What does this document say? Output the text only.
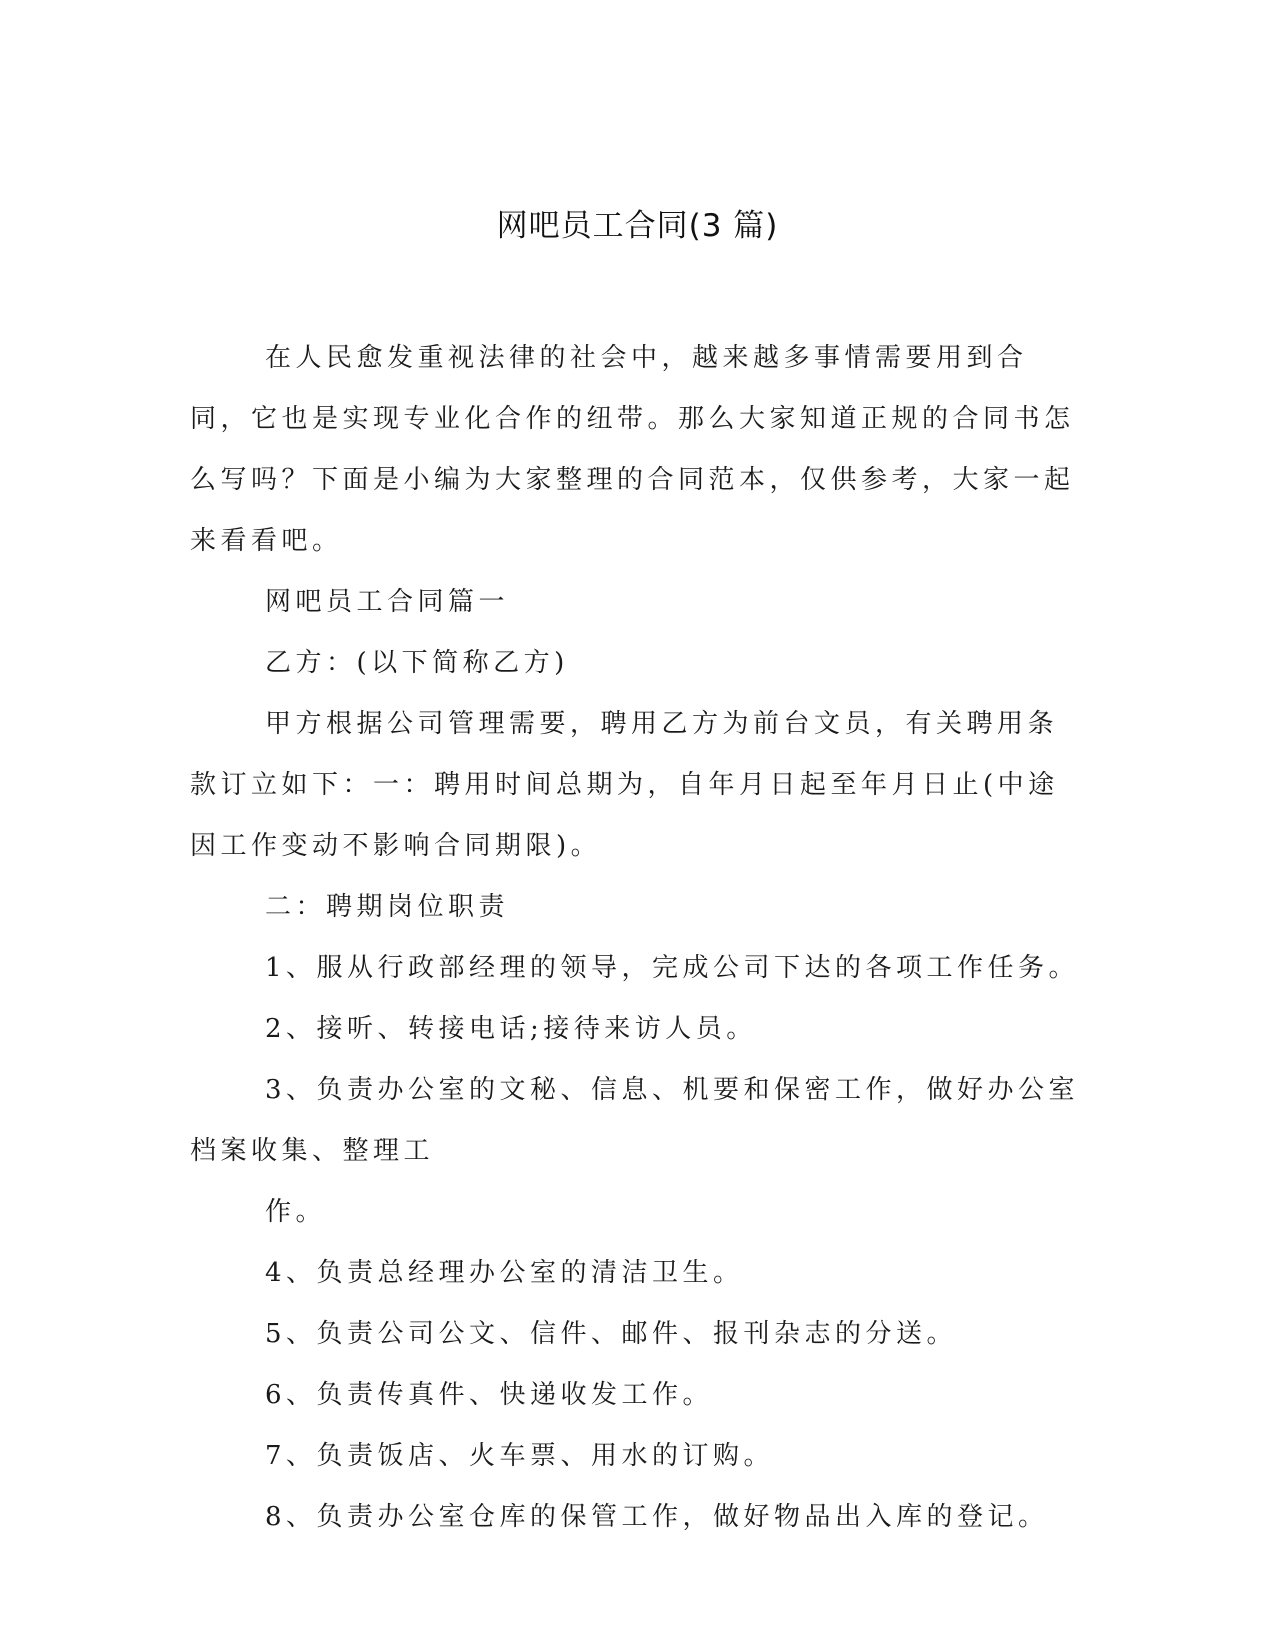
网吧员工合同(3 篇)

在人民愈发重视法律的社会中，越来越多事情需要用到合同，它也是实现专业化合作的纽带。那么大家知道正规的合同书怎么写吗？下面是小编为大家整理的合同范本，仅供参考，大家一起来看看吧。

网吧员工合同篇一

乙方：(以下简称乙方)

甲方根据公司管理需要，聘用乙方为前台文员，有关聘用条款订立如下：一：聘用时间总期为，自年月日起至年月日止(中途因工作变动不影响合同期限)。

二：聘期岗位职责

1、服从行政部经理的领导，完成公司下达的各项工作任务。

2、接听、转接电话;接待来访人员。

3、负责办公室的文秘、信息、机要和保密工作，做好办公室档案收集、整理工

作。

4、负责总经理办公室的清洁卫生。

5、负责公司公文、信件、邮件、报刊杂志的分送。

6、负责传真件、快递收发工作。

7、负责饭店、火车票、用水的订购。

8、负责办公室仓库的保管工作，做好物品出入库的登记。
